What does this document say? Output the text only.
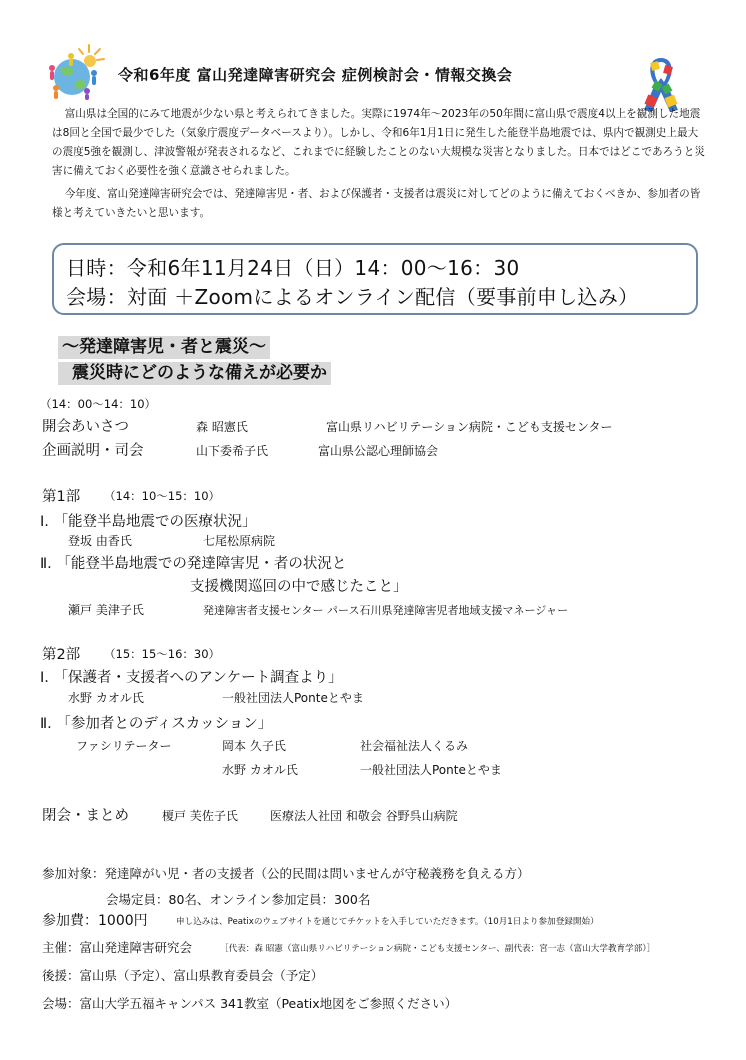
令和6年度 富山発達障害研究会 症例検討会・情報交換会

富山県は全国的にみて地震が少ない県と考えられてきました。実際に1974年～2023年の50年間に富山県で震度4以上を観測した地震は8回と全国で最少でした（気象庁震度データベースより）。しかし、令和6年1月1日に発生した能登半島地震では、県内で観測史上最大の震度5強を観測し、津波警報が発表されるなど、これまでに経験したことのない大規模な災害となりました。日本ではどこであろうと災害に備えておく必要性を強く意識させられました。

今年度、富山発達障害研究会では、発達障害児・者、および保護者・支援者は震災に対してどのように備えておくべきか、参加者の皆様と考えていきたいと思います。

日時：令和6年11月24日（日）14：00～16：30
会場：対面 ＋Zoomによるオンライン配信（要事前申し込み）
～発達障害児・者と震災～
震災時にどのような備えが必要か
（14：00～14：10）
開会あいさつ	森 昭憲氏	富山県リハビリテーション病院・こども支援センター
企画説明・司会	山下委希子氏	富山県公認心理師協会
第1部 （14：10～15：10）
Ⅰ. 「能登半島地震での医療状況」
登坂 由香氏	七尾松原病院
Ⅱ. 「能登半島地震での発達障害児・者の状況と
支援機関巡回の中で感じたこと」
瀬戸 美津子氏	発達障害者支援センター パース石川県発達障害児者地域支援マネージャー
第2部 （15：15～16：30）
Ⅰ. 「保護者・支援者へのアンケート調査より」
水野 カオル氏	一般社団法人Ponteとやま
Ⅱ. 「参加者とのディスカッション」
ファシリテーター	岡本 久子氏	社会福祉法人くるみ
水野 カオル氏	一般社団法人Ponteとやま
閉会・まとめ	榎戸 芙佐子氏	医療法人社団 和敬会 谷野呉山病院
参加対象：発達障がい児・者の支援者（公的民間は問いませんが守秘義務を負える方）
会場定員：80名、オンライン参加定員：300名
参加費：1000円	申し込みは、Peatixのウェブサイトを通じてチケットを入手していただきます。（10月1日より参加登録開始）
主催：富山発達障害研究会	［代表：森 昭憲（富山県リハビリテーション病院・こども支援センター、副代表：宮一志（富山大学教育学部）］
後援：富山県（予定）、富山県教育委員会（予定）
会場：富山大学五福キャンパス 341教室（Peatix地図をご参照ください）
